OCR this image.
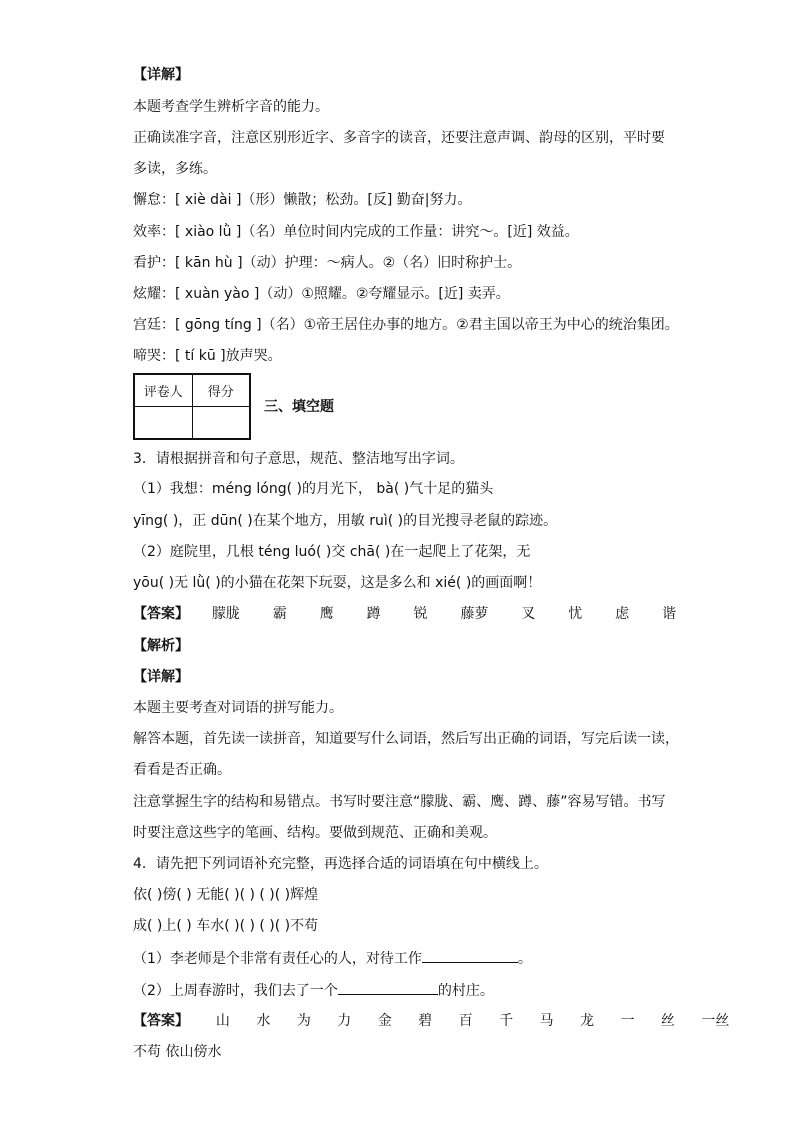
【详解】
本题考查学生辨析字音的能力。
正确读准字音，注意区别形近字、多音字的读音，还要注意声调、韵母的区别，平时要
多读，多练。
懈怠：[ xiè dài ]（形）懒散；松劲。[反] 勤奋|努力。
效率：[ xiào lǜ ]（名）单位时间内完成的工作量：讲究～。[近] 效益。
看护：[ kān hù ]（动）护理：～病人。②（名）旧时称护士。
炫耀：[ xuàn yào ]（动）①照耀。②夸耀显示。[近] 卖弄。
宫廷：[ gōng tíng ]（名）①帝王居住办事的地方。②君主国以帝王为中心的统治集团。
啼哭：[ tí kū ]放声哭。
评卷人	得分

三、填空题
3．请根据拼音和句子意思，规范、整洁地写出字词。
（1）我想：méng lóng( )的月光下， bà( )气十足的猫头
yīng( )，正 dūn( )在某个地方，用敏 ruì( )的目光搜寻老鼠的踪迹。
（2）庭院里，几根 téng luó( )交 chā( )在一起爬上了花架，无
yōu( )无 lǜ( )的小猫在花架下玩耍，这是多么和 xié( )的画面啊！
【答案】 朦胧 霸 鹰 蹲 锐 藤萝 叉 忧 虑 谐
【解析】
【详解】
本题主要考查对词语的拼写能力。
解答本题，首先读一读拼音，知道要写什么词语，然后写出正确的词语，写完后读一读，
看看是否正确。
注意掌握生字的结构和易错点。书写时要注意“朦胧、霸、鹰、蹲、藤”容易写错。书写
时要注意这些字的笔画、结构。要做到规范、正确和美观。
4．请先把下列词语补充完整，再选择合适的词语填在句中横线上。
依( )傍( ) 无能( )( ) ( )( )辉煌
成( )上( ) 车水( )( ) ( )( )不苟
（1）李老师是个非常有责任心的人，对待工作	。
（2）上周春游时，我们去了一个	的村庄。
【答案】 山 水 为 力 金 碧 百 千 马 龙 一 丝 一丝
不苟 依山傍水
